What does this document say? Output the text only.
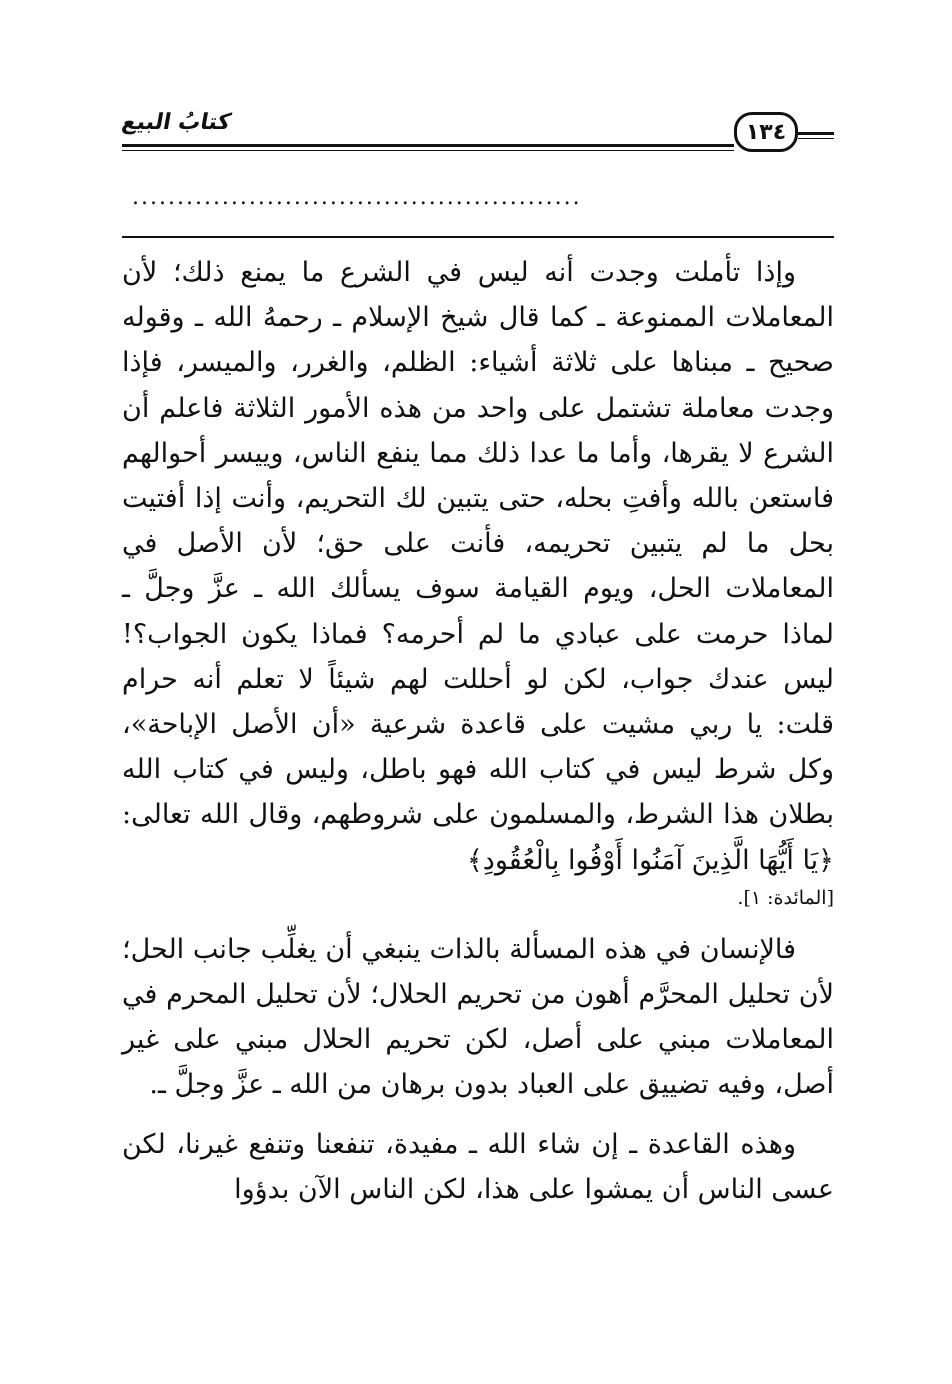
كتابُ البيع	١٣٤
..................................................

وإذا تأملت وجدت أنه ليس في الشرع ما يمنع ذلك؛ لأن المعاملات الممنوعة ـ كما قال شيخ الإسلام ـ رحمهُ الله ـ وقوله صحيح ـ مبناها على ثلاثة أشياء: الظلم، والغرر، والميسر، فإذا وجدت معاملة تشتمل على واحد من هذه الأمور الثلاثة فاعلم أن الشرع لا يقرها، وأما ما عدا ذلك مما ينفع الناس، وييسر أحوالهم فاستعن بالله وأفتِ بحله، حتى يتبين لك التحريم، وأنت إذا أفتيت بحل ما لم يتبين تحريمه، فأنت على حق؛ لأن الأصل في المعاملات الحل، ويوم القيامة سوف يسألك الله ـ عزَّ وجلَّ ـ لماذا حرمت على عبادي ما لم أحرمه؟ فماذا يكون الجواب؟! ليس عندك جواب، لكن لو أحللت لهم شيئاً لا تعلم أنه حرام قلت: يا ربي مشيت على قاعدة شرعية «أن الأصل الإباحة»، وكل شرط ليس في كتاب الله فهو باطل، وليس في كتاب الله بطلان هذا الشرط، والمسلمون على شروطهم، وقال الله تعالى: ﴿يَا أَيُّهَا الَّذِينَ آمَنُوا أَوْفُوا بِالْعُقُودِ﴾

[المائدة: ١].

فالإنسان في هذه المسألة بالذات ينبغي أن يغلِّب جانب الحل؛ لأن تحليل المحرَّم أهون من تحريم الحلال؛ لأن تحليل المحرم في المعاملات مبني على أصل، لكن تحريم الحلال مبني على غير أصل، وفيه تضييق على العباد بدون برهان من الله ـ عزَّ وجلَّ ـ.

وهذه القاعدة ـ إن شاء الله ـ مفيدة، تنفعنا وتنفع غيرنا، لكن عسى الناس أن يمشوا على هذا، لكن الناس الآن بدؤوا
